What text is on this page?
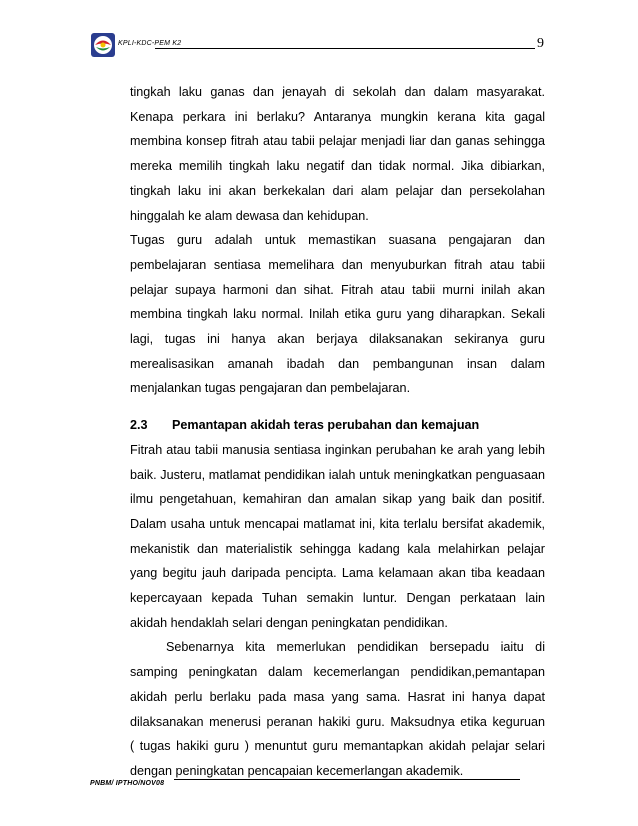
KPLI-KDC-PEM K2	9

tingkah laku ganas dan jenayah di sekolah dan dalam masyarakat.

Kenapa perkara ini berlaku? Antaranya mungkin kerana kita gagal

membina konsep fitrah atau tabii pelajar menjadi liar dan ganas sehingga

mereka memilih tingkah laku negatif dan tidak normal. Jika dibiarkan,

tingkah laku ini akan berkekalan dari alam pelajar dan persekolahan

hinggalah ke alam dewasa dan kehidupan.

Tugas guru adalah untuk memastikan suasana pengajaran dan

pembelajaran sentiasa memelihara dan menyuburkan fitrah atau tabii

pelajar supaya harmoni dan sihat. Fitrah atau tabii murni inilah akan

membina tingkah laku normal. Inilah etika guru yang diharapkan. Sekali

lagi, tugas ini hanya akan berjaya dilaksanakan sekiranya guru

merealisasikan amanah ibadah dan pembangunan insan dalam

menjalankan tugas pengajaran dan pembelajaran.

2.3 Pemantapan akidah teras perubahan dan kemajuan

Fitrah atau tabii manusia sentiasa inginkan perubahan ke arah yang lebih

baik. Justeru, matlamat pendidikan ialah untuk meningkatkan penguasaan

ilmu pengetahuan, kemahiran dan amalan sikap yang baik dan positif.

Dalam usaha untuk mencapai matlamat ini, kita terlalu bersifat akademik,

mekanistik dan materialistik sehingga kadang kala melahirkan pelajar

yang begitu jauh daripada pencipta. Lama kelamaan akan tiba keadaan

kepercayaan kepada Tuhan semakin luntur. Dengan perkataan lain

akidah hendaklah selari dengan peningkatan pendidikan.

Sebenarnya kita memerlukan pendidikan bersepadu iaitu di

samping peningkatan dalam kecemerlangan pendidikan,pemantapan

akidah perlu berlaku pada masa yang sama. Hasrat ini hanya dapat

dilaksanakan menerusi peranan hakiki guru. Maksudnya etika keguruan

( tugas hakiki guru ) menuntut guru memantapkan akidah pelajar selari

dengan peningkatan pencapaian kecemerlangan akademik.

PNBM/ IPTHO/NOV08
